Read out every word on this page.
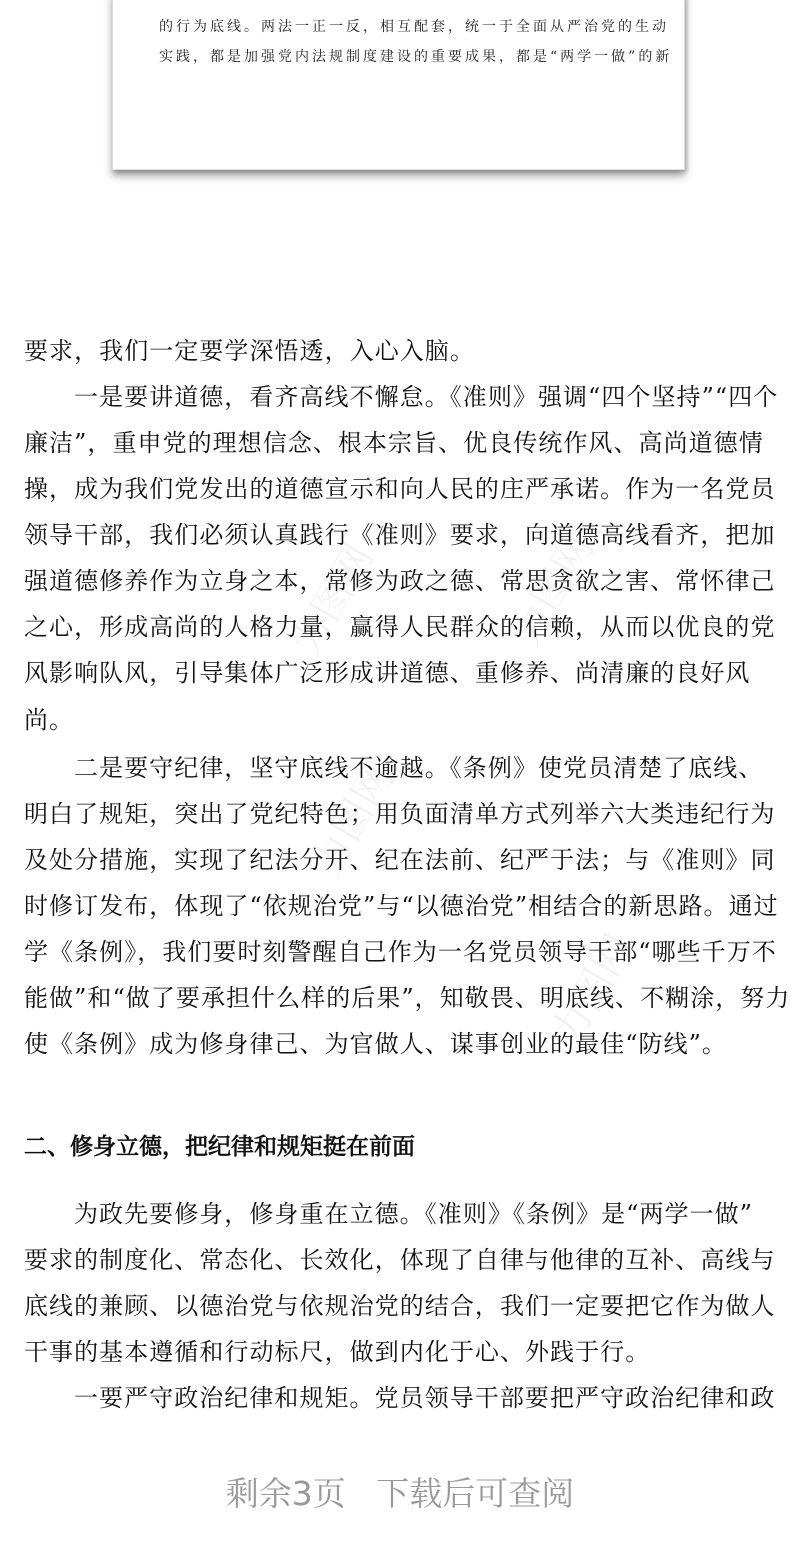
的行为底线。两法一正一反，相互配套，统一于全面从严治党的生动
实践，都是加强党内法规制度建设的重要成果，都是“两学一做”的新
力图网	力图网
力图网
力图网
要求，我们一定要学深悟透，入心入脑。
一是要讲道德，看齐高线不懈怠。《准则》强调“四个坚持”“四个
廉洁”，重申党的理想信念、根本宗旨、优良传统作风、高尚道德情
操，成为我们党发出的道德宣示和向人民的庄严承诺。作为一名党员
领导干部，我们必须认真践行《准则》要求，向道德高线看齐，把加
强道德修养作为立身之本，常修为政之德、常思贪欲之害、常怀律己
之心，形成高尚的人格力量，赢得人民群众的信赖，从而以优良的党
风影响队风，引导集体广泛形成讲道德、重修养、尚清廉的良好风
尚。
二是要守纪律，坚守底线不逾越。《条例》使党员清楚了底线、
明白了规矩，突出了党纪特色；用负面清单方式列举六大类违纪行为
及处分措施，实现了纪法分开、纪在法前、纪严于法；与《准则》同
时修订发布，体现了“依规治党”与“以德治党”相结合的新思路。通过
学《条例》，我们要时刻警醒自己作为一名党员领导干部“哪些千万不
能做”和“做了要承担什么样的后果”，知敬畏、明底线、不糊涂，努力
使《条例》成为修身律己、为官做人、谋事创业的最佳“防线”。
二、修身立德，把纪律和规矩挺在前面
为政先要修身，修身重在立德。《准则》《条例》是“两学一做”
要求的制度化、常态化、长效化，体现了自律与他律的互补、高线与
底线的兼顾、以德治党与依规治党的结合，我们一定要把它作为做人
干事的基本遵循和行动标尺，做到内化于心、外践于行。
一要严守政治纪律和规矩。党员领导干部要把严守政治纪律和政
剩余3页 下载后可查阅
